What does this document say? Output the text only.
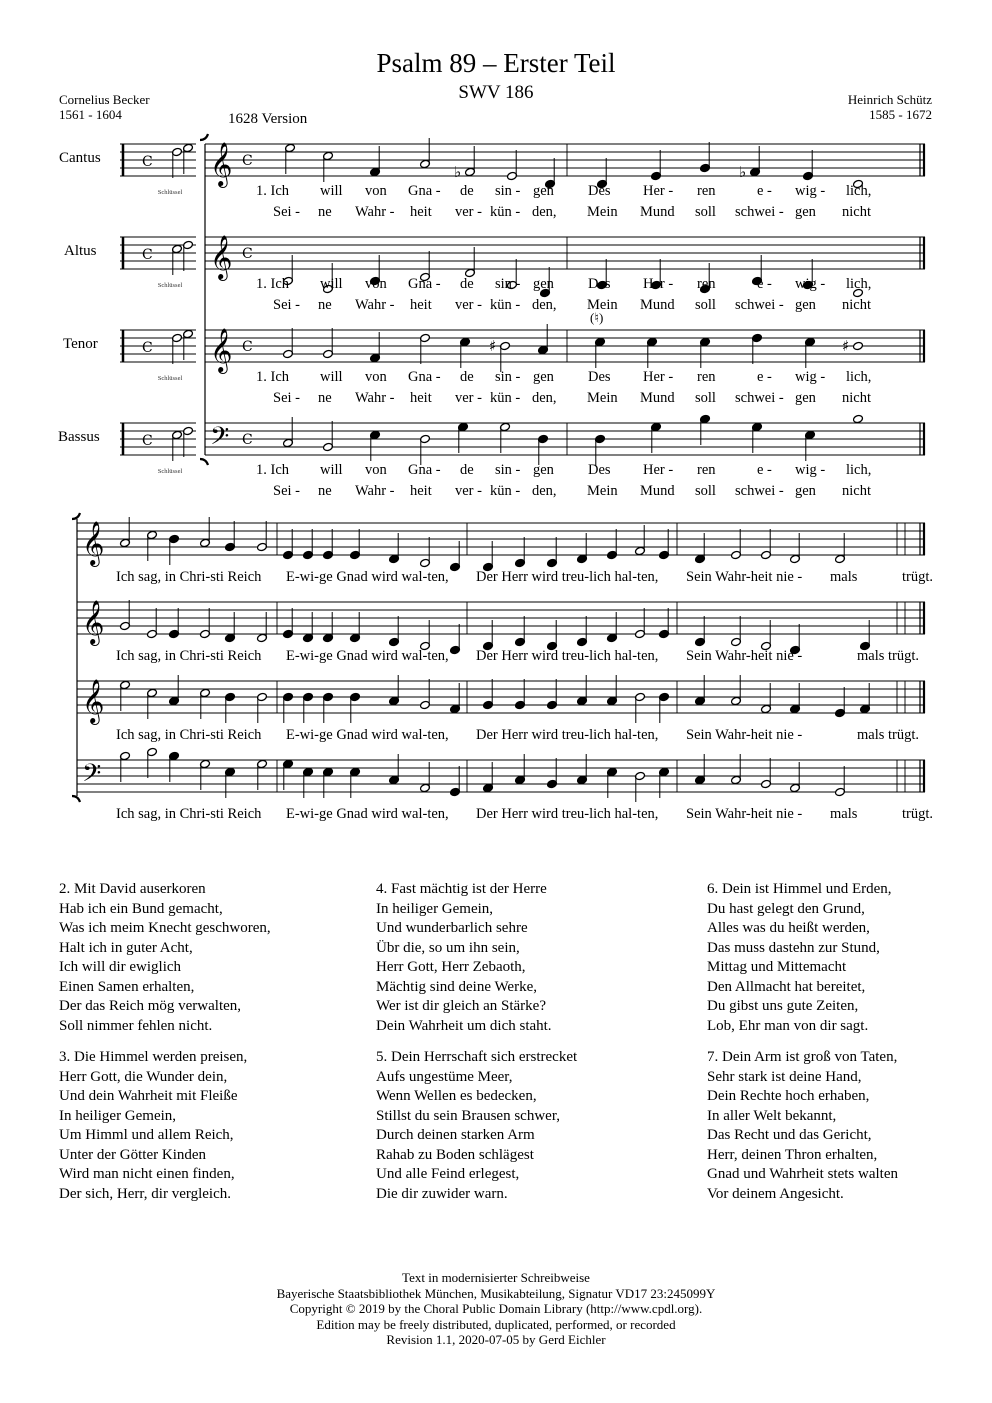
Psalm 89 – Erster Teil
SWV 186
Cornelius Becker
1561 - 1604
Heinrich Schütz
1585 - 1672
1628 Version
Cantus
Altus
Tenor
Bassus
Schlüssel
Schlüssel
Schlüssel
Schlüssel
C 𝄞 C
C 𝄞 C
C 𝄞 C
C 𝄢 C
♭	♭
♯	♯
𝄞
𝄞
𝄞
𝄢
1. Ich will von Gna - de sin - gen Des Her - ren	e - wig - lich,
Sei - ne Wahr - heit ver - kün - den, Mein Mund soll schwei - gen nicht
1. Ich will von Gna - de sin - gen Des Her - ren	e - wig - lich,
Sei - ne Wahr - heit ver - kün - den, Mein Mund soll schwei - gen nicht
1. Ich will von Gna - de sin - gen Des Her - ren	e - wig - lich,
Sei - ne Wahr - heit ver - kün - den, Mein Mund soll schwei - gen nicht
1. Ich will von Gna - de sin - gen Des Her - ren	e - wig - lich,
Sei - ne Wahr - heit ver - kün - den, Mein Mund soll schwei - gen nicht
(♮)
Ich sag, in Chri-sti Reich E-wi-ge Gnad wird wal-ten, Der Herr wird treu-lich hal-ten, Sein Wahr-heit nie - mals	trügt.
Ich sag, in Chri-sti Reich E-wi-ge Gnad wird wal-ten, Der Herr wird treu-lich hal-ten, Sein Wahr-heit nie -	mals trügt.
Ich sag, in Chri-sti Reich E-wi-ge Gnad wird wal-ten, Der Herr wird treu-lich hal-ten, Sein Wahr-heit nie -	mals trügt.
Ich sag, in Chri-sti Reich E-wi-ge Gnad wird wal-ten, Der Herr wird treu-lich hal-ten, Sein Wahr-heit nie - mals	trügt.

2. Mit David auserkoren
Hab ich ein Bund gemacht,
Was ich meim Knecht geschworen,
Halt ich in guter Acht,
Ich will dir ewiglich
Einen Samen erhalten,
Der das Reich mög verwalten,
Soll nimmer fehlen nicht.

3. Die Himmel werden preisen,
Herr Gott, die Wunder dein,
Und dein Wahrheit mit Fleiße
In heiliger Gemein,
Um Himml und allem Reich,
Unter der Götter Kinden
Wird man nicht einen finden,
Der sich, Herr, dir vergleich.

4. Fast mächtig ist der Herre
In heiliger Gemein,
Und wunderbarlich sehre
Übr die, so um ihn sein,
Herr Gott, Herr Zebaoth,
Mächtig sind deine Werke,
Wer ist dir gleich an Stärke?
Dein Wahrheit um dich staht.

5. Dein Herrschaft sich erstrecket
Aufs ungestüme Meer,
Wenn Wellen es bedecken,
Stillst du sein Brausen schwer,
Durch deinen starken Arm
Rahab zu Boden schlägest
Und alle Feind erlegest,
Die dir zuwider warn.

6. Dein ist Himmel und Erden,
Du hast gelegt den Grund,
Alles was du heißt werden,
Das muss dastehn zur Stund,
Mittag und Mittemacht
Den Allmacht hat bereitet,
Du gibst uns gute Zeiten,
Lob, Ehr man von dir sagt.

7. Dein Arm ist groß von Taten,
Sehr stark ist deine Hand,
Dein Rechte hoch erhaben,
In aller Welt bekannt,
Das Recht und das Gericht,
Herr, deinen Thron erhalten,
Gnad und Wahrheit stets walten
Vor deinem Angesicht.

Text in modernisierter Schreibweise
Bayerische Staatsbibliothek München, Musikabteilung, Signatur VD17 23:245099Y
Copyright © 2019 by the Choral Public Domain Library (http://www.cpdl.org).
Edition may be freely distributed, duplicated, performed, or recorded
Revision 1.1, 2020-07-05 by Gerd Eichler
